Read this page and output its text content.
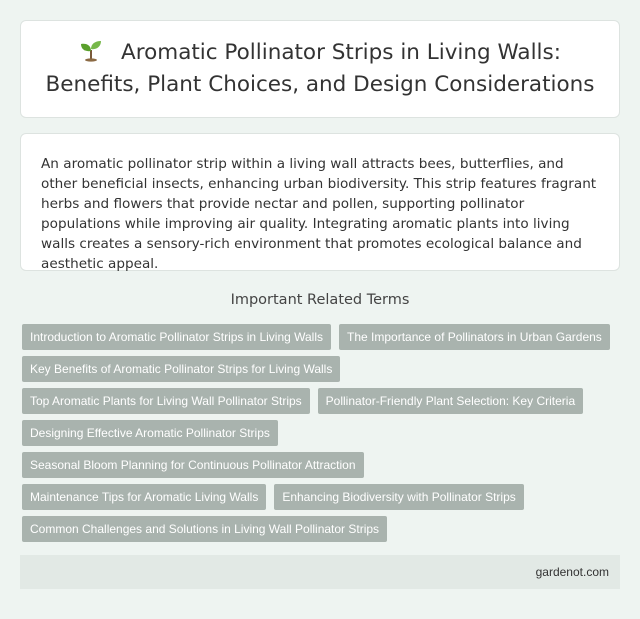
Aromatic Pollinator Strips in Living Walls: Benefits, Plant Choices, and Design Considerations

An aromatic pollinator strip within a living wall attracts bees, butterflies, and other beneficial insects, enhancing urban biodiversity. This strip features fragrant herbs and flowers that provide nectar and pollen, supporting pollinator populations while improving air quality. Integrating aromatic plants into living walls creates a sensory-rich environment that promotes ecological balance and aesthetic appeal.

Important Related Terms
Introduction to Aromatic Pollinator Strips in Living Walls	The Importance of Pollinators in Urban Gardens
Key Benefits of Aromatic Pollinator Strips for Living Walls
Top Aromatic Plants for Living Wall Pollinator Strips	Pollinator-Friendly Plant Selection: Key Criteria
Designing Effective Aromatic Pollinator Strips
Seasonal Bloom Planning for Continuous Pollinator Attraction
Maintenance Tips for Aromatic Living Walls	Enhancing Biodiversity with Pollinator Strips
Common Challenges and Solutions in Living Wall Pollinator Strips
gardenot.com
